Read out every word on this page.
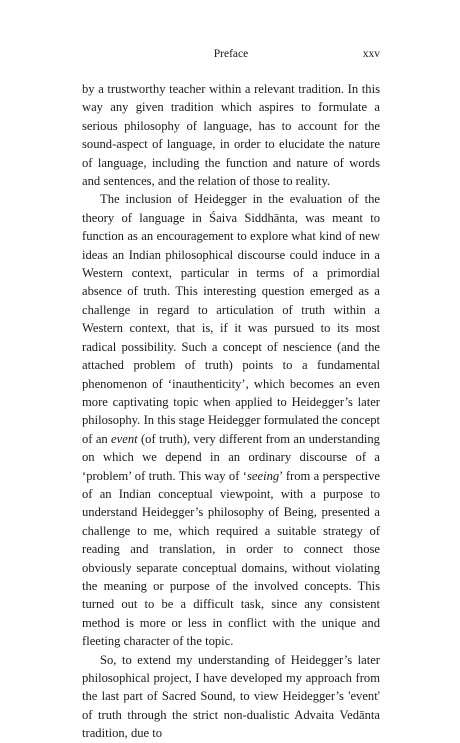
Preface	xxv

by a trustworthy teacher within a relevant tradition. In this way any given tradition which aspires to formulate a serious philosophy of language, has to account for the sound-aspect of language, in order to elucidate the nature of language, including the function and nature of words and sentences, and the relation of those to reality.

The inclusion of Heidegger in the evaluation of the theory of language in Śaiva Siddhānta, was meant to function as an encouragement to explore what kind of new ideas an Indian philosophical discourse could induce in a Western context, particular in terms of a primordial absence of truth. This interesting question emerged as a challenge in regard to articulation of truth within a Western context, that is, if it was pursued to its most radical possibility. Such a concept of nescience (and the attached problem of truth) points to a fundamental phenomenon of ‘inauthenticity’, which becomes an even more captivating topic when applied to Heidegger’s later philosophy. In this stage Heidegger formulated the concept of an event (of truth), very different from an understanding on which we depend in an ordinary discourse of a ‘problem’ of truth. This way of ‘seeing’ from a perspective of an Indian conceptual viewpoint, with a purpose to understand Heidegger’s philosophy of Being, presented a challenge to me, which required a suitable strategy of reading and translation, in order to connect those obviously separate conceptual domains, without violating the meaning or purpose of the involved concepts. This turned out to be a difficult task, since any consistent method is more or less in conflict with the unique and fleeting character of the topic.

So, to extend my understanding of Heidegger’s later philosophical project, I have developed my approach from the last part of Sacred Sound, to view Heidegger’s 'event' of truth through the strict non-dualistic Advaita Vedānta tradition, due to
